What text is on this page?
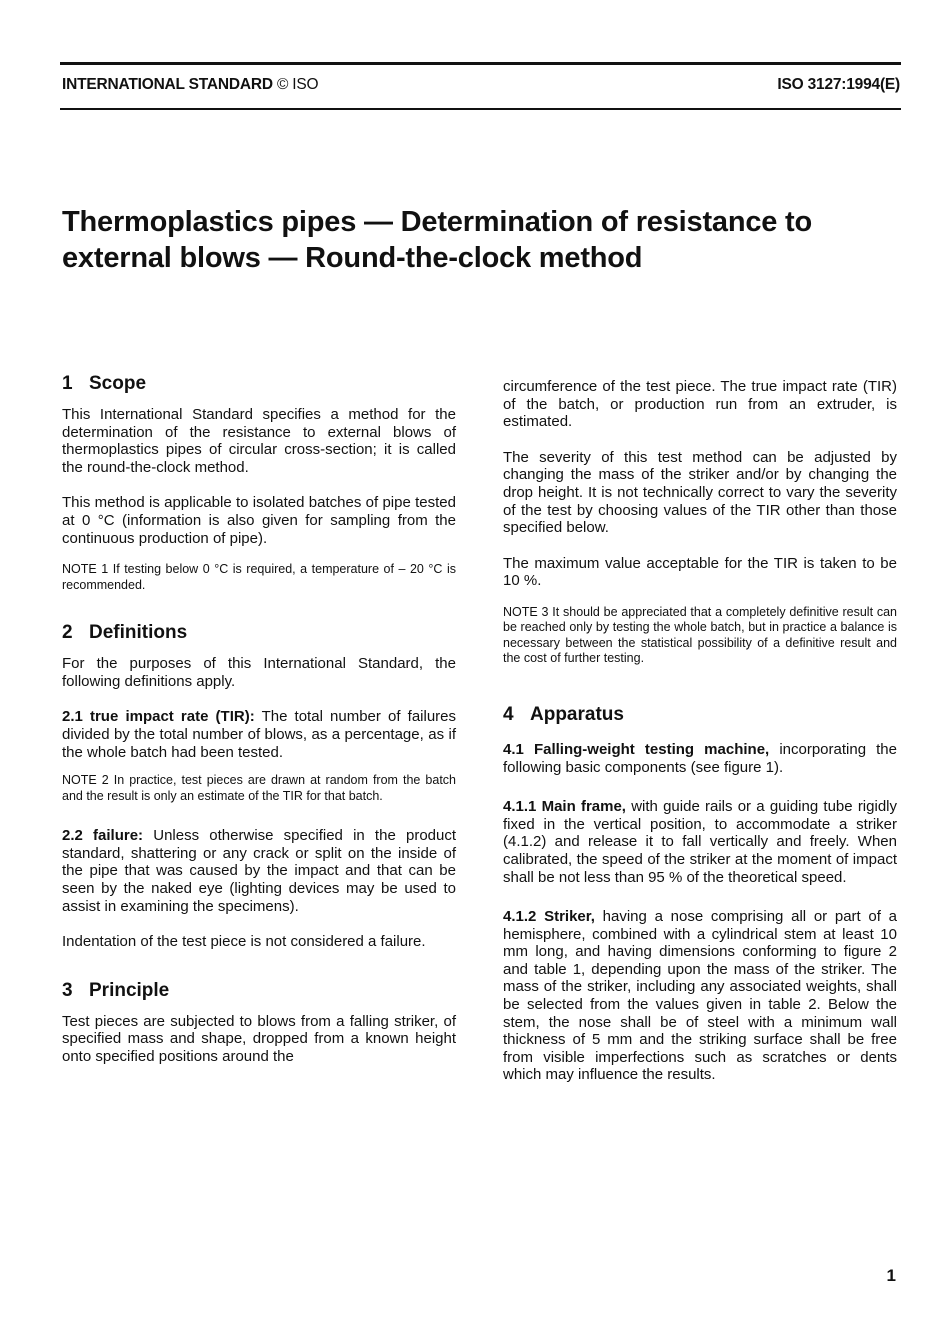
INTERNATIONAL STANDARD © ISO	ISO 3127:1994(E)
Thermoplastics pipes — Determination of resistance to
external blows — Round-the-clock method
1 Scope

This International Standard specifies a method for the determination of the resistance to external blows of thermoplastics pipes of circular cross-section; it is called the round-the-clock method.

This method is applicable to isolated batches of pipe tested at 0 °C (information is also given for sampling from the continuous production of pipe).

NOTE 1 If testing below 0 °C is required, a temperature of – 20 °C is recommended.

2 Definitions

For the purposes of this International Standard, the following definitions apply.

2.1 true impact rate (TIR): The total number of failures divided by the total number of blows, as a percentage, as if the whole batch had been tested.

NOTE 2 In practice, test pieces are drawn at random from the batch and the result is only an estimate of the TIR for that batch.

2.2 failure: Unless otherwise specified in the product standard, shattering or any crack or split on the inside of the pipe that was caused by the impact and that can be seen by the naked eye (lighting devices may be used to assist in examining the specimens).

Indentation of the test piece is not considered a failure.

3 Principle

Test pieces are subjected to blows from a falling striker, of specified mass and shape, dropped from a known height onto specified positions around the

circumference of the test piece. The true impact rate (TIR) of the batch, or production run from an extruder, is estimated.

The severity of this test method can be adjusted by changing the mass of the striker and/or by changing the drop height. It is not technically correct to vary the severity of the test by choosing values of the TIR other than those specified below.

The maximum value acceptable for the TIR is taken to be 10 %.

NOTE 3 It should be appreciated that a completely definitive result can be reached only by testing the whole batch, but in practice a balance is necessary between the statistical possibility of a definitive result and the cost of further testing.

4 Apparatus

4.1 Falling-weight testing machine, incorporating the following basic components (see figure 1).

4.1.1 Main frame, with guide rails or a guiding tube rigidly fixed in the vertical position, to accommodate a striker (4.1.2) and release it to fall vertically and freely. When calibrated, the speed of the striker at the moment of impact shall be not less than 95 % of the theoretical speed.

4.1.2 Striker, having a nose comprising all or part of a hemisphere, combined with a cylindrical stem at least 10 mm long, and having dimensions conforming to figure 2 and table 1, depending upon the mass of the striker. The mass of the striker, including any associated weights, shall be selected from the values given in table 2. Below the stem, the nose shall be of steel with a minimum wall thickness of 5 mm and the striking surface shall be free from visible imperfections such as scratches or dents which may influence the results.

1
